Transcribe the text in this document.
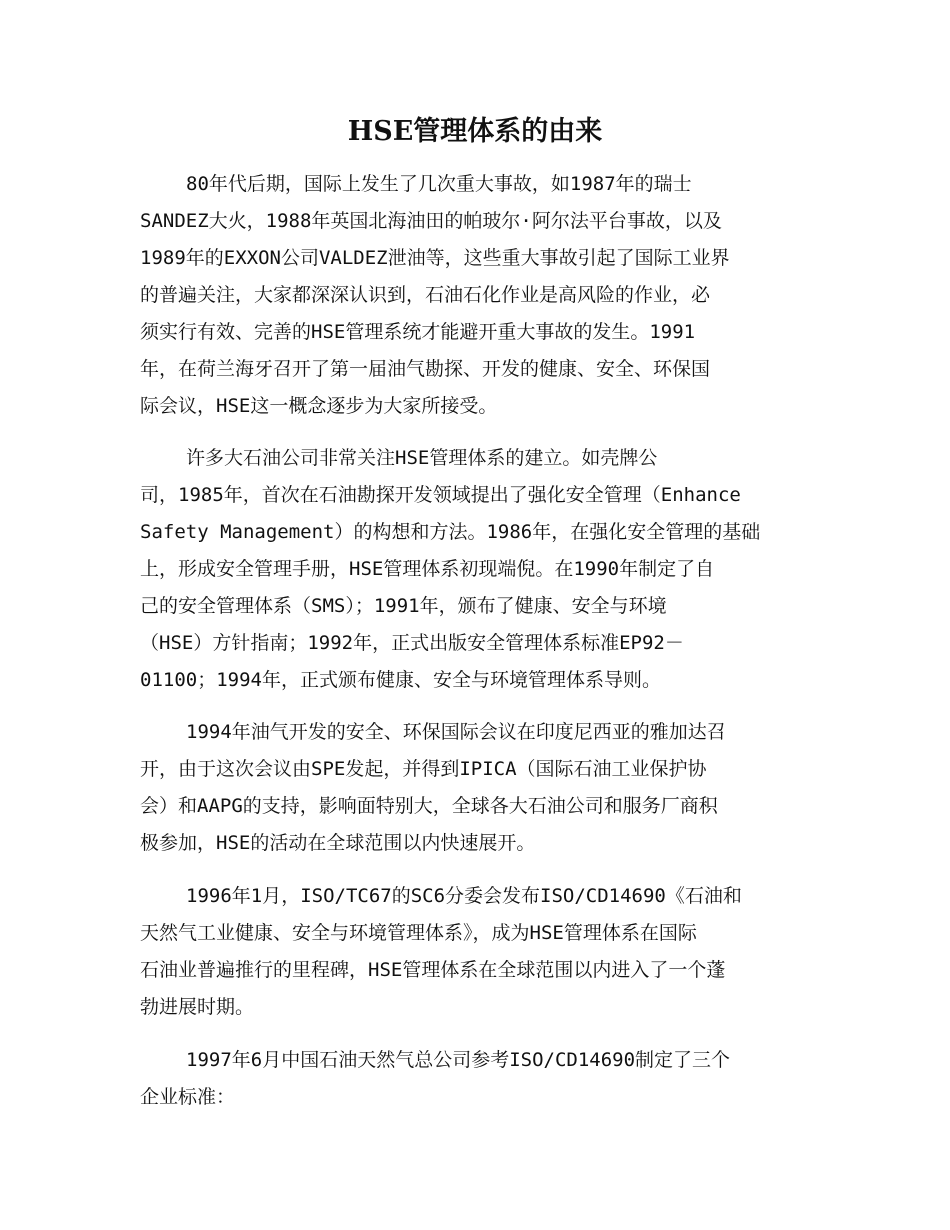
HSE管理体系的由来

80年代后期，国际上发生了几次重大事故，如1987年的瑞士

SANDEZ大火，1988年英国北海油田的帕玻尔·阿尔法平台事故，以及

1989年的EXXON公司VALDEZ泄油等，这些重大事故引起了国际工业界

的普遍关注，大家都深深认识到，石油石化作业是高风险的作业，必

须实行有效、完善的HSE管理系统才能避开重大事故的发生。1991

年，在荷兰海牙召开了第一届油气勘探、开发的健康、安全、环保国

际会议，HSE这一概念逐步为大家所接受。

许多大石油公司非常关注HSE管理体系的建立。如壳牌公

司，1985年，首次在石油勘探开发领域提出了强化安全管理（Enhance

Safety Management）的构想和方法。1986年，在强化安全管理的基础

上，形成安全管理手册，HSE管理体系初现端倪。在1990年制定了自

己的安全管理体系（SMS）；1991年，颁布了健康、安全与环境

（HSE）方针指南；1992年，正式出版安全管理体系标准EP92－

01100；1994年，正式颁布健康、安全与环境管理体系导则。

1994年油气开发的安全、环保国际会议在印度尼西亚的雅加达召

开，由于这次会议由SPE发起，并得到IPICA（国际石油工业保护协

会）和AAPG的支持，影响面特别大，全球各大石油公司和服务厂商积

极参加，HSE的活动在全球范围以内快速展开。

1996年1月，ISO/TC67的SC6分委会发布ISO/CD14690《石油和

天然气工业健康、安全与环境管理体系》，成为HSE管理体系在国际

石油业普遍推行的里程碑，HSE管理体系在全球范围以内进入了一个蓬

勃进展时期。

1997年6月中国石油天然气总公司参考ISO/CD14690制定了三个

企业标准：
